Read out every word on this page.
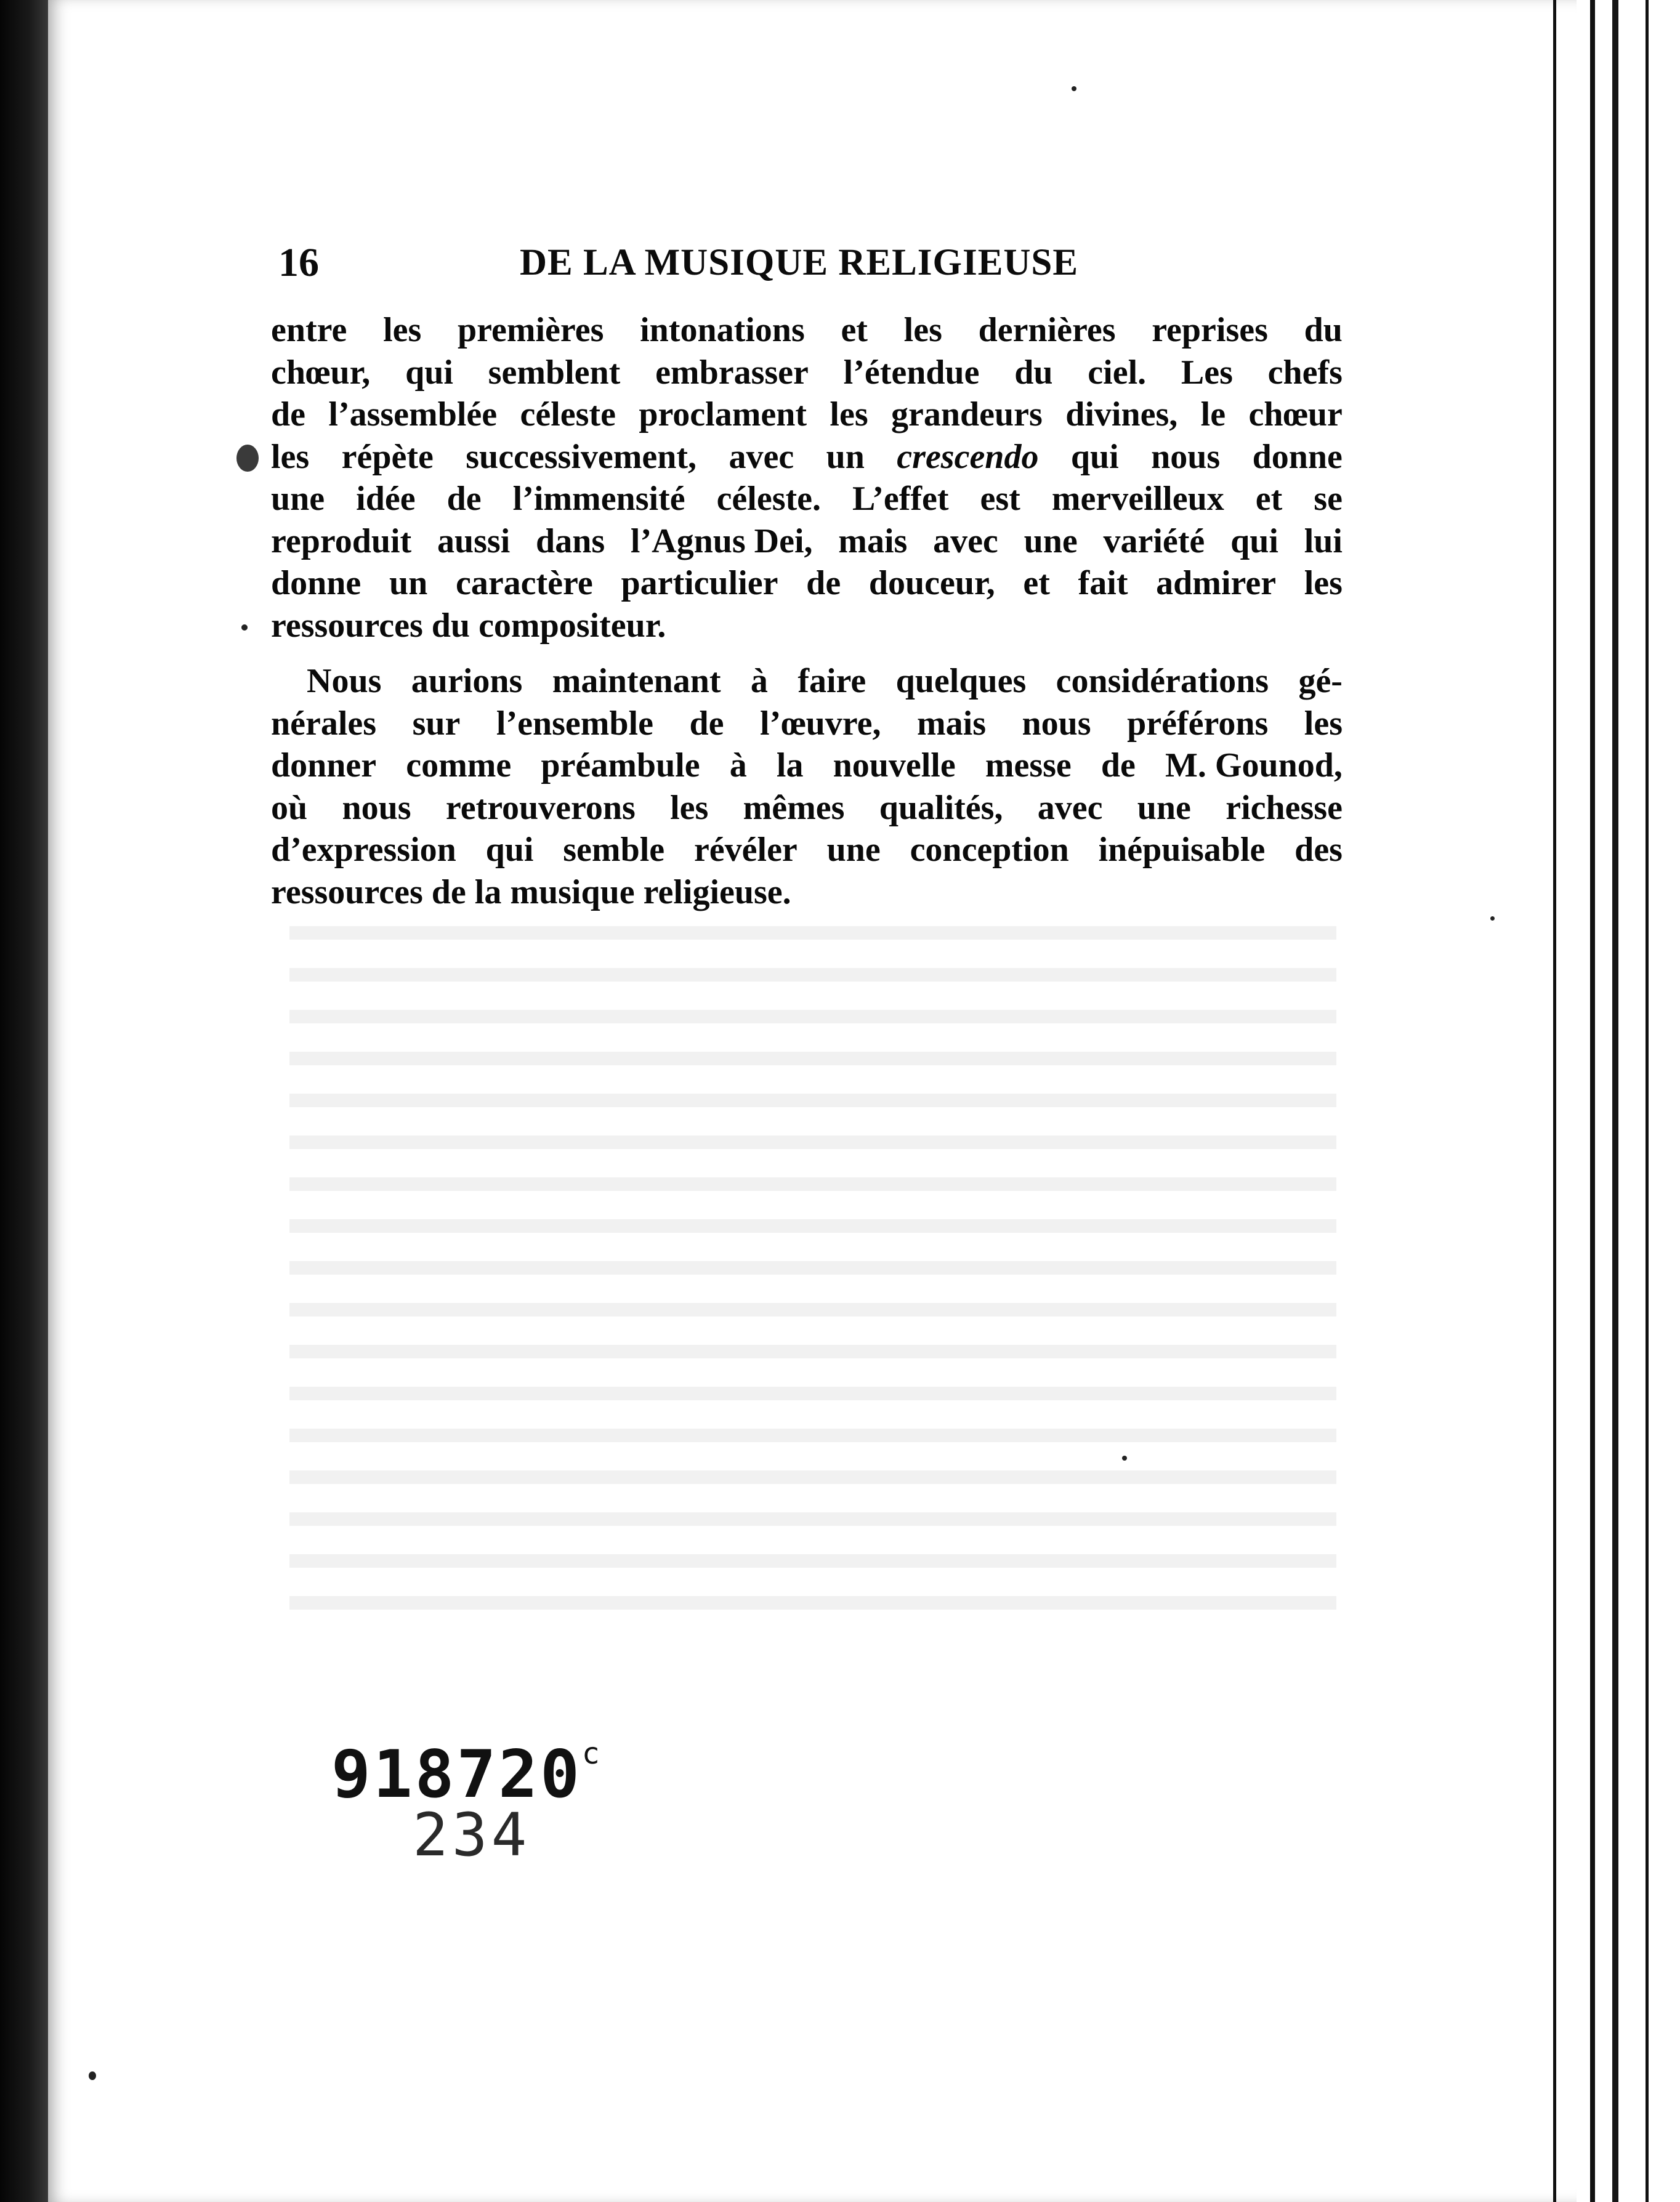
16	DE LA MUSIQUE RELIGIEUSE
entre les premières intonations et les dernières reprises du
chœur, qui semblent embrasser l’étendue du ciel. Les chefs
de l’assemblée céleste proclament les grandeurs divines, le chœur
les répète successivement, avec un crescendo qui nous donne
une idée de l’immensité céleste. L’effet est merveilleux et se
reproduit aussi dans l’Agnus Dei, mais avec une variété qui lui
donne un caractère particulier de douceur, et fait admirer les
ressources du compositeur.
Nous aurions maintenant à faire quelques considérations gé-
nérales sur l’ensemble de l’œuvre, mais nous préférons les
donner comme préambule à la nouvelle messe de M. Gounod,
où nous retrouverons les mêmes qualités, avec une richesse
d’expression qui semble révéler une conception inépuisable des
ressources de la musique religieuse.
918720$^c$
234
